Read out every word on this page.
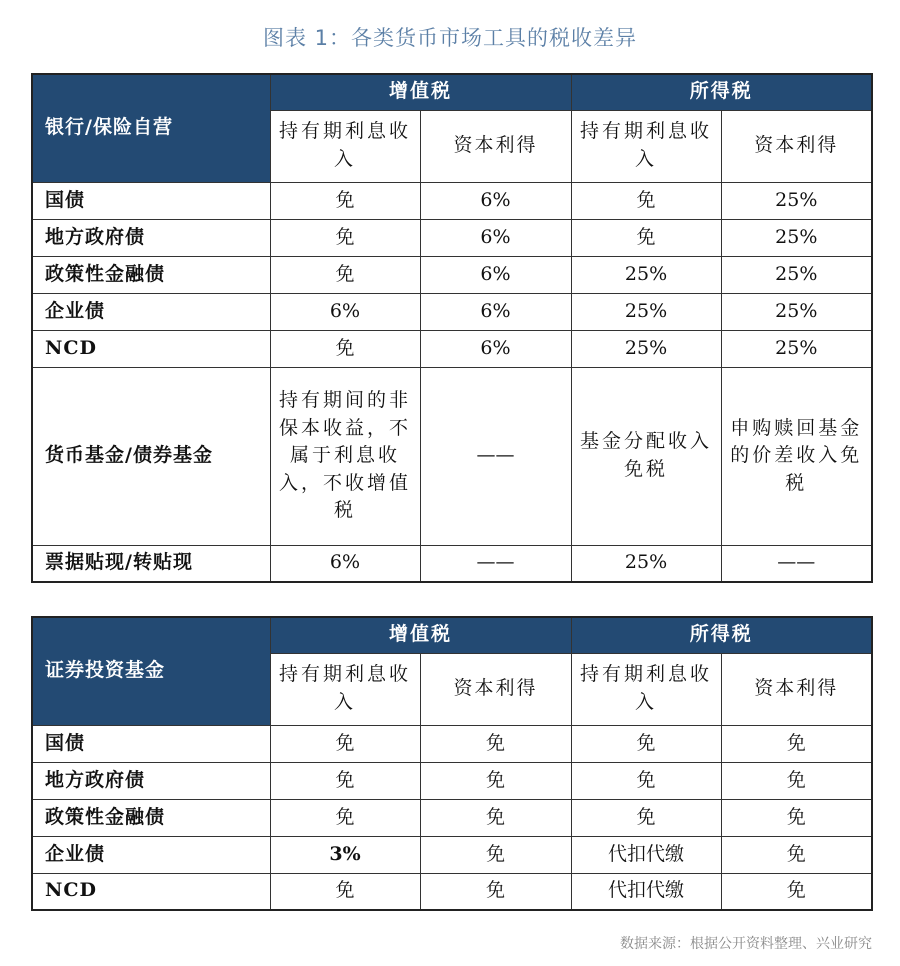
图表 1：各类货币市场工具的税收差异
银行/保险自营	增值税		所得税	
	持有期利息收入	资本利得	持有期利息收入	资本利得
国债	免	6%	免	25%
地方政府债	免	6%	免	25%
政策性金融债	免	6%	25%	25%
企业债	6%	6%	25%	25%
NCD	免	6%	25%	25%
货币基金/债券基金	持有期间的非保本收益，不属于利息收入，不收增值税	——	基金分配收入免税	申购赎回基金的价差收入免税
票据贴现/转贴现	6%	——	25%	——
证券投资基金	增值税		所得税	
	持有期利息收入	资本利得	持有期利息收入	资本利得
国债	免	免	免	免
地方政府债	免	免	免	免
政策性金融债	免	免	免	免
企业债	3%	免	代扣代缴	免
NCD	免	免	代扣代缴	免
数据来源：根据公开资料整理、兴业研究
